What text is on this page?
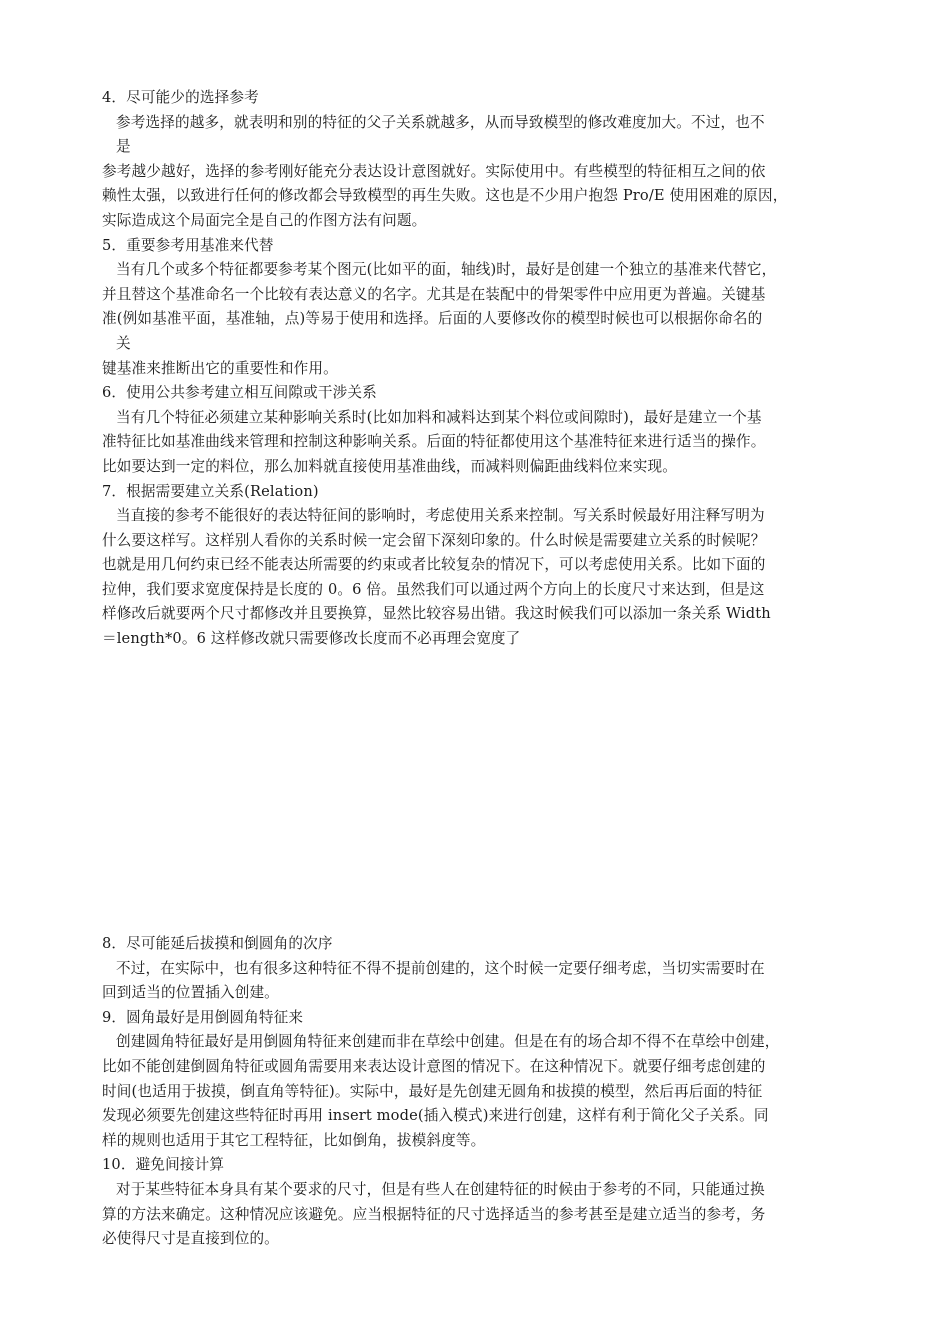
4．尽可能少的选择参考
参考选择的越多，就表明和别的特征的父子关系就越多，从而导致模型的修改难度加大。不过，也不
是
参考越少越好，选择的参考刚好能充分表达设计意图就好。实际使用中。有些模型的特征相互之间的依
赖性太强，以致进行任何的修改都会导致模型的再生失败。这也是不少用户抱怨 Pro/E 使用困难的原因，
实际造成这个局面完全是自己的作图方法有问题。
5．重要参考用基准来代替
当有几个或多个特征都要参考某个图元(比如平的面，轴线)时，最好是创建一个独立的基准来代替它，
并且替这个基准命名一个比较有表达意义的名字。尤其是在装配中的骨架零件中应用更为普遍。关键基
准(例如基准平面，基准轴，点)等易于使用和选择。后面的人要修改你的模型时候也可以根据你命名的
关
键基准来推断出它的重要性和作用。
6．使用公共参考建立相互间隙或干涉关系
当有几个特征必须建立某种影响关系时(比如加料和减料达到某个料位或间隙时)，最好是建立一个基
准特征比如基准曲线来管理和控制这种影响关系。后面的特征都使用这个基准特征来进行适当的操作。
比如要达到一定的料位，那么加料就直接使用基准曲线，而减料则偏距曲线料位来实现。
7．根据需要建立关系(Relation)
当直接的参考不能很好的表达特征间的影响时，考虑使用关系来控制。写关系时候最好用注释写明为
什么要这样写。这样别人看你的关系时候一定会留下深刻印象的。什么时候是需要建立关系的时候呢？
也就是用几何约束已经不能表达所需要的约束或者比较复杂的情况下，可以考虑使用关系。比如下面的
拉伸，我们要求宽度保持是长度的 0。6 倍。虽然我们可以通过两个方向上的长度尺寸来达到，但是这
样修改后就要两个尺寸都修改并且要换算，显然比较容易出错。我这时候我们可以添加一条关系 Width
＝length*0。6 这样修改就只需要修改长度而不必再理会宽度了
8．尽可能延后拔摸和倒圆角的次序
不过，在实际中，也有很多这种特征不得不提前创建的，这个时候一定要仔细考虑，当切实需要时在
回到适当的位置插入创建。
9．圆角最好是用倒圆角特征来
创建圆角特征最好是用倒圆角特征来创建而非在草绘中创建。但是在有的场合却不得不在草绘中创建，
比如不能创建倒圆角特征或圆角需要用来表达设计意图的情况下。在这种情况下。就要仔细考虑创建的
时间(也适用于拔摸，倒直角等特征)。实际中，最好是先创建无圆角和拔摸的模型，然后再后面的特征
发现必须要先创建这些特征时再用 insert mode(插入模式)来进行创建，这样有利于简化父子关系。同
样的规则也适用于其它工程特征，比如倒角，拔模斜度等。
10．避免间接计算
对于某些特征本身具有某个要求的尺寸，但是有些人在创建特征的时候由于参考的不同，只能通过换
算的方法来确定。这种情况应该避免。应当根据特征的尺寸选择适当的参考甚至是建立适当的参考，务
必使得尺寸是直接到位的。
